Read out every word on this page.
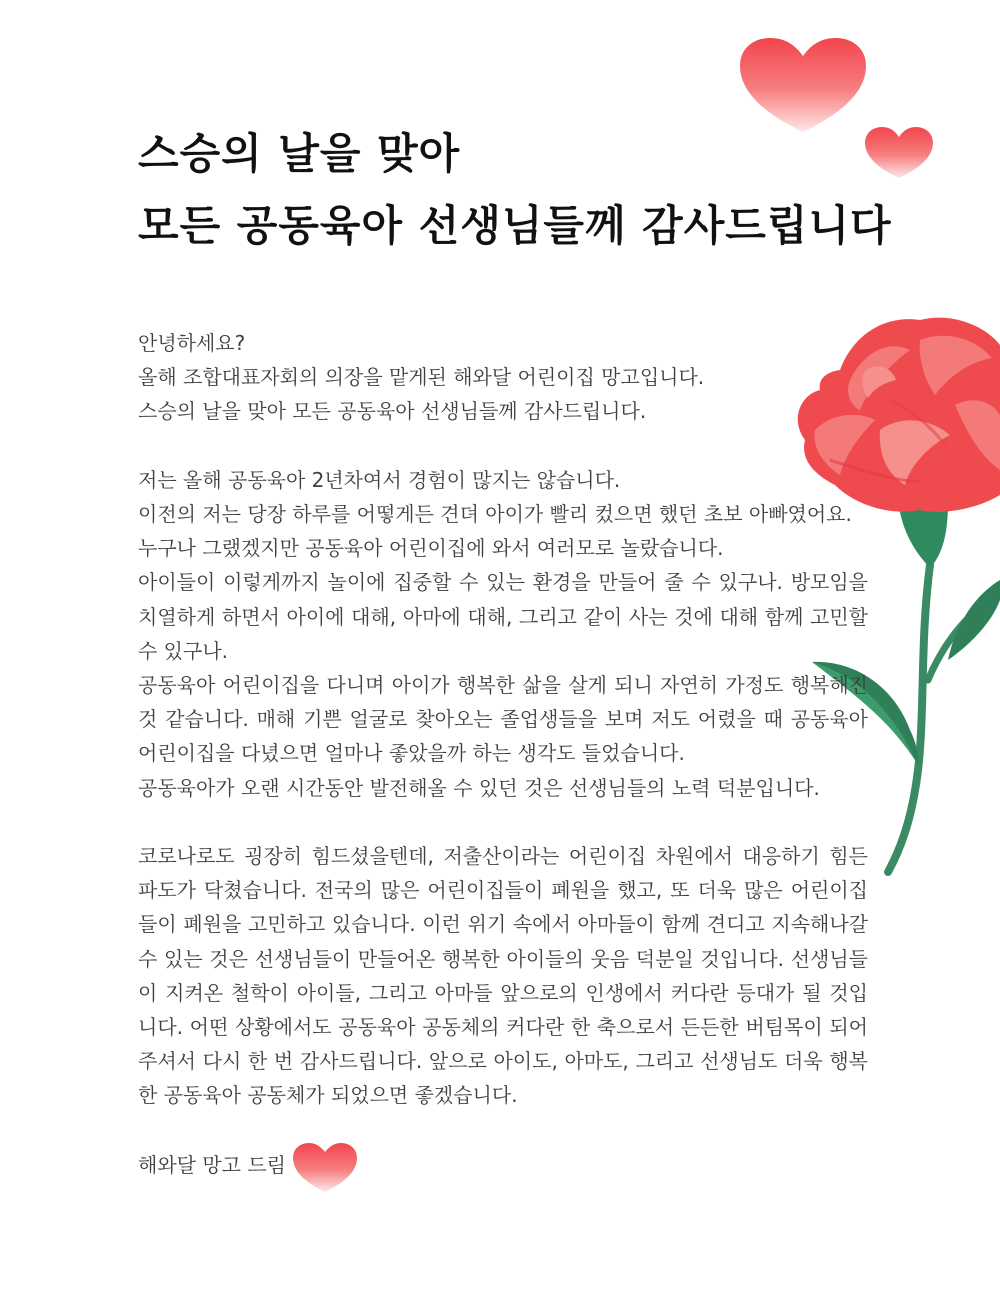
스승의 날을 맞아
모든 공동육아 선생님들께 감사드립니다

안녕하세요?

올해 조합대표자회의 의장을 맡게된 해와달 어린이집 망고입니다.

스승의 날을 맞아 모든 공동육아 선생님들께 감사드립니다.

저는 올해 공동육아 2년차여서 경험이 많지는 않습니다.

이전의 저는 당장 하루를 어떻게든 견뎌 아이가 빨리 컸으면 했던 초보 아빠였어요.

누구나 그랬겠지만 공동육아 어린이집에 와서 여러모로 놀랐습니다.

아이들이 이렇게까지 놀이에 집중할 수 있는 환경을 만들어 줄 수 있구나. 방모임을 치열하게 하면서 아이에 대해, 아마에 대해, 그리고 같이 사는 것에 대해 함께 고민할 수 있구나.

공동육아 어린이집을 다니며 아이가 행복한 삶을 살게 되니 자연히 가정도 행복해진 것 같습니다. 매해 기쁜 얼굴로 찾아오는 졸업생들을 보며 저도 어렸을 때 공동육아 어린이집을 다녔으면 얼마나 좋았을까 하는 생각도 들었습니다.

공동육아가 오랜 시간동안 발전해올 수 있던 것은 선생님들의 노력 덕분입니다.

코로나로도 굉장히 힘드셨을텐데, 저출산이라는 어린이집 차원에서 대응하기 힘든 파도가 닥쳤습니다. 전국의 많은 어린이집들이 폐원을 했고, 또 더욱 많은 어린이집들이 폐원을 고민하고 있습니다. 이런 위기 속에서 아마들이 함께 견디고 지속해나갈 수 있는 것은 선생님들이 만들어온 행복한 아이들의 웃음 덕분일 것입니다. 선생님들이 지켜온 철학이 아이들, 그리고 아마들 앞으로의 인생에서 커다란 등대가 될 것입니다. 어떤 상황에서도 공동육아 공동체의 커다란 한 축으로서 든든한 버팀목이 되어주셔서 다시 한 번 감사드립니다. 앞으로 아이도, 아마도, 그리고 선생님도 더욱 행복한 공동육아 공동체가 되었으면 좋겠습니다.

해와달 망고 드림
